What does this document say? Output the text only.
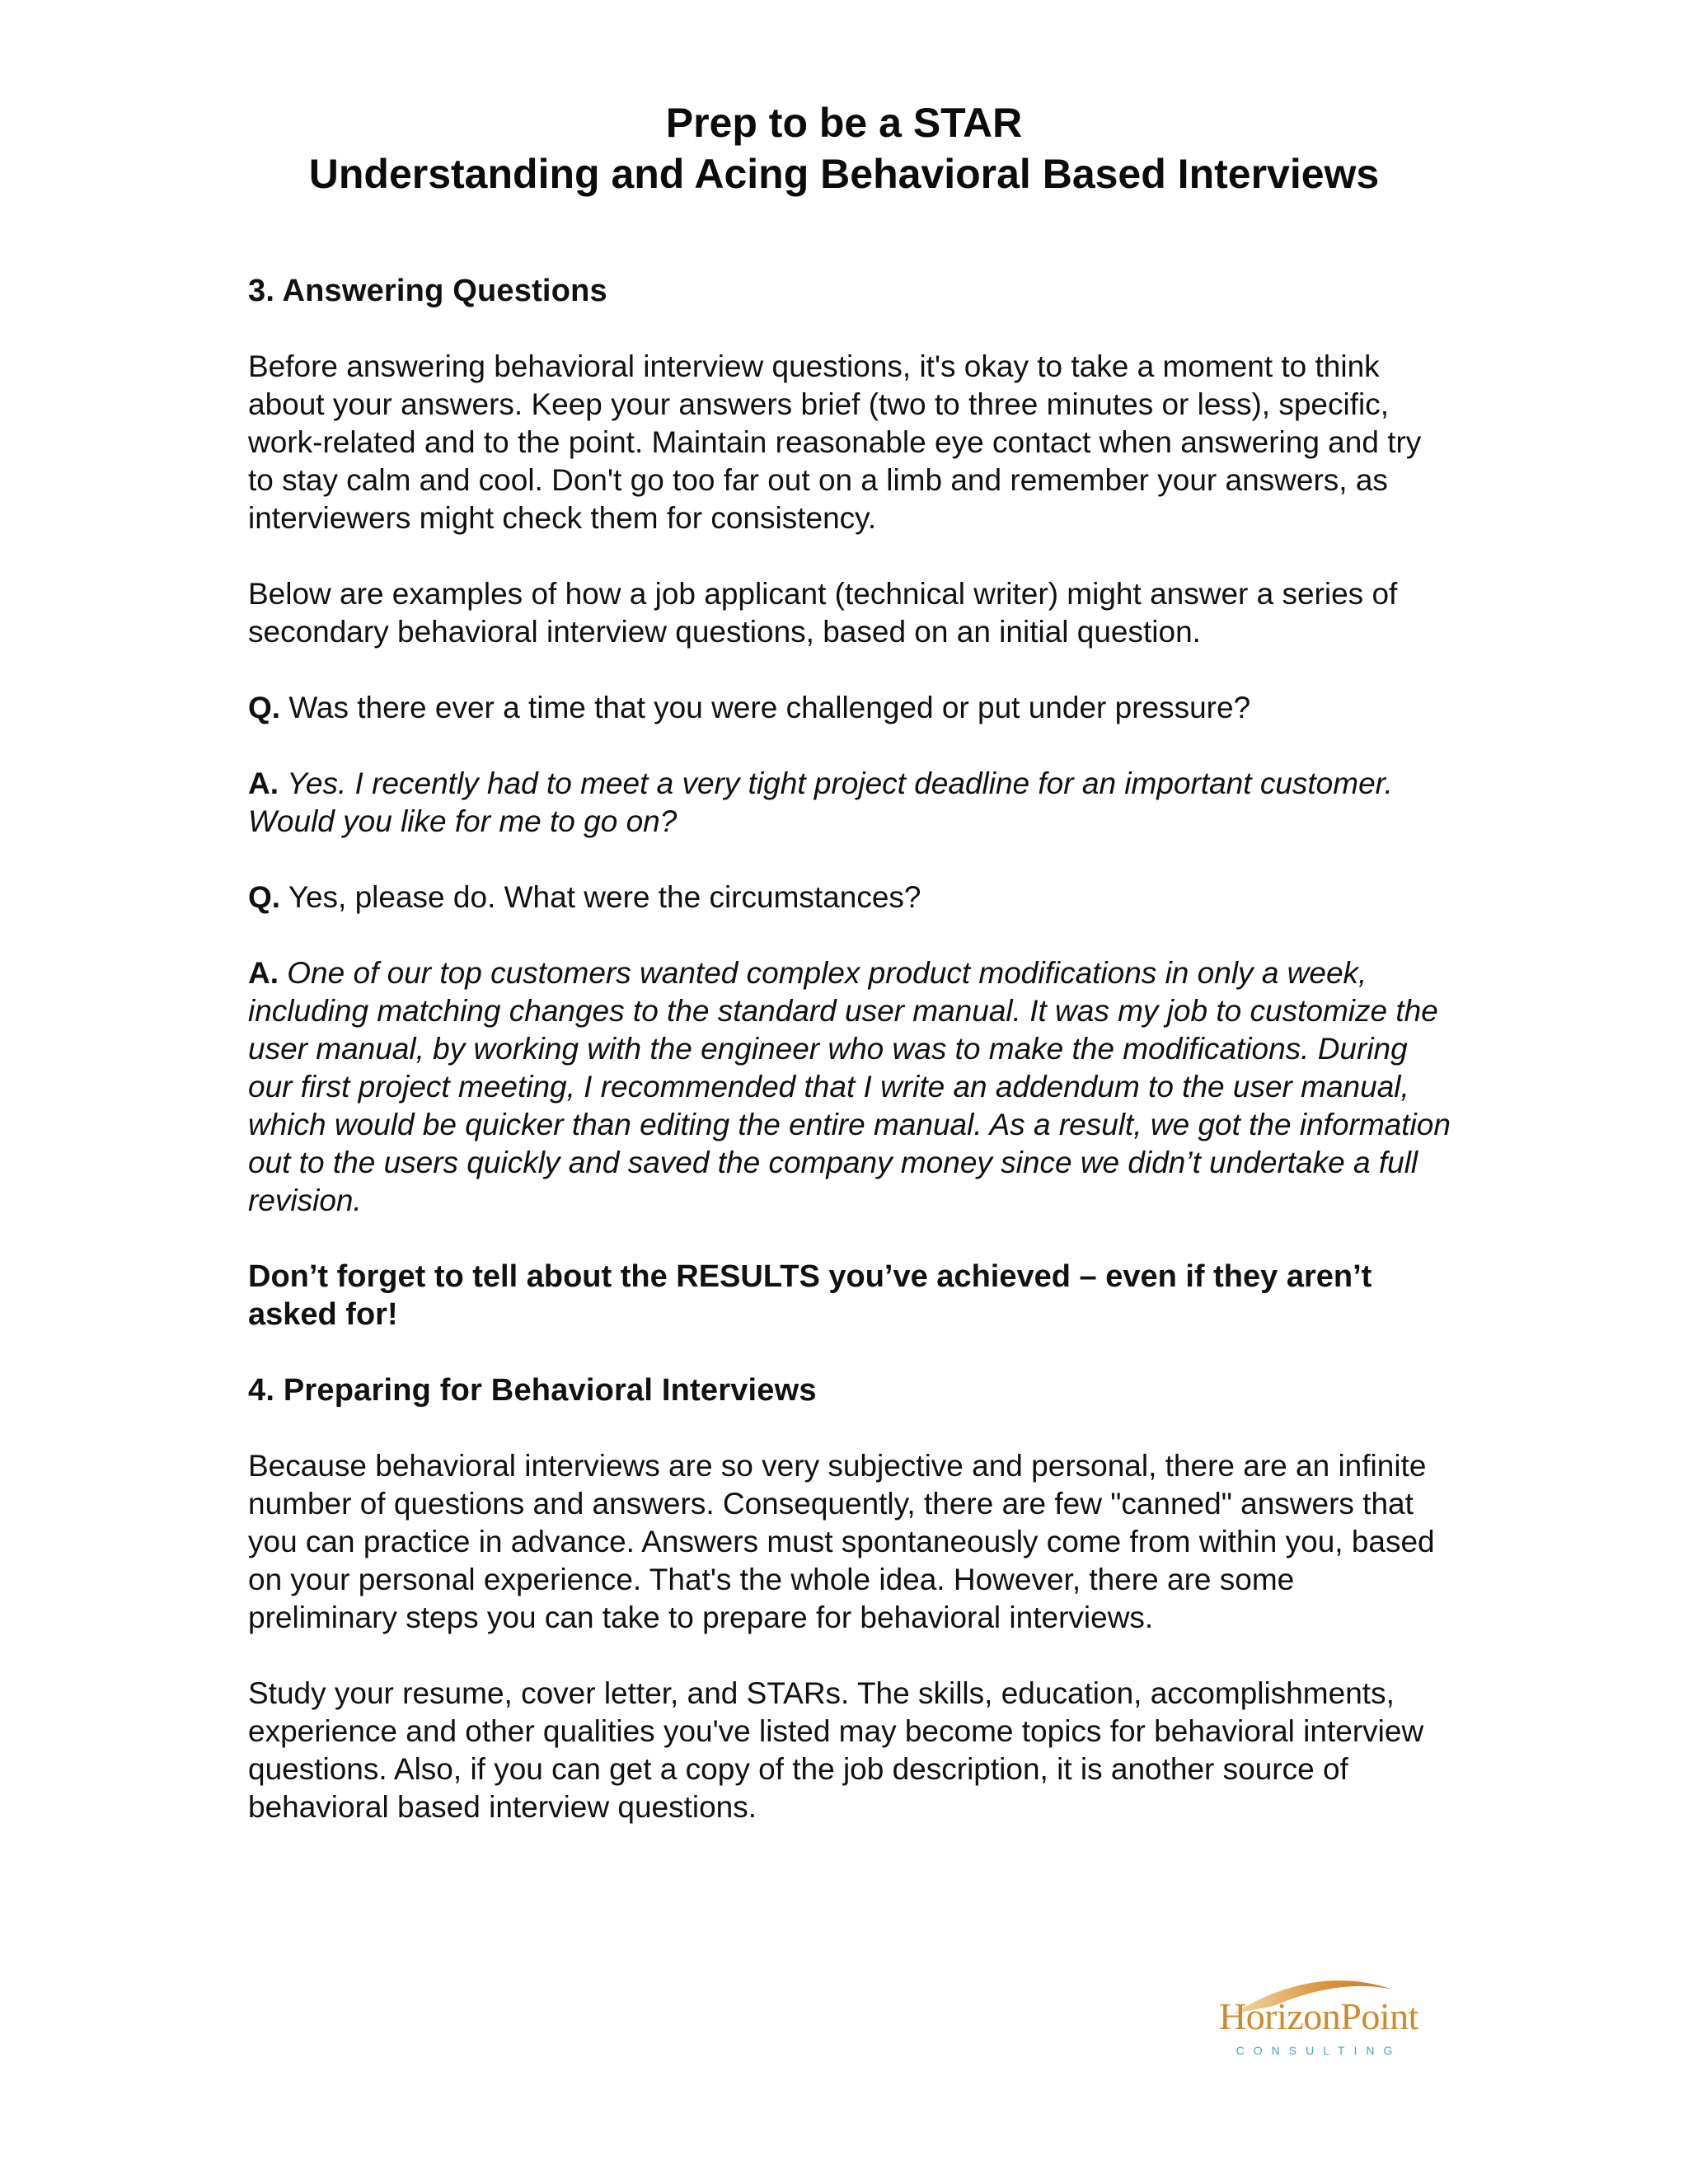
Prep to be a STAR

Understanding and Acing Behavioral Based Interviews

3. Answering Questions

Before answering behavioral interview questions, it's okay to take a moment to think about your answers. Keep your answers brief (two to three minutes or less), specific, work-related and to the point. Maintain reasonable eye contact when answering and try to stay calm and cool. Don't go too far out on a limb and remember your answers, as interviewers might check them for consistency.

Below are examples of how a job applicant (technical writer) might answer a series of secondary behavioral interview questions, based on an initial question.

Q. Was there ever a time that you were challenged or put under pressure?

A. Yes. I recently had to meet a very tight project deadline for an important customer. Would you like for me to go on?

Q. Yes, please do. What were the circumstances?

A. One of our top customers wanted complex product modifications in only a week, including matching changes to the standard user manual. It was my job to customize the user manual, by working with the engineer who was to make the modifications. During our first project meeting, I recommended that I write an addendum to the user manual, which would be quicker than editing the entire manual. As a result, we got the information out to the users quickly and saved the company money since we didn’t undertake a full revision.

Don’t forget to tell about the RESULTS you’ve achieved – even if they aren’t asked for!

4. Preparing for Behavioral Interviews

Because behavioral interviews are so very subjective and personal, there are an infinite number of questions and answers. Consequently, there are few "canned" answers that you can practice in advance. Answers must spontaneously come from within you, based on your personal experience. That's the whole idea. However, there are some preliminary steps you can take to prepare for behavioral interviews.

Study your resume, cover letter, and STARs. The skills, education, accomplishments, experience and other qualities you've listed may become topics for behavioral interview questions. Also, if you can get a copy of the job description, it is another source of behavioral based interview questions.

HorizonPoint
CONSULTING
